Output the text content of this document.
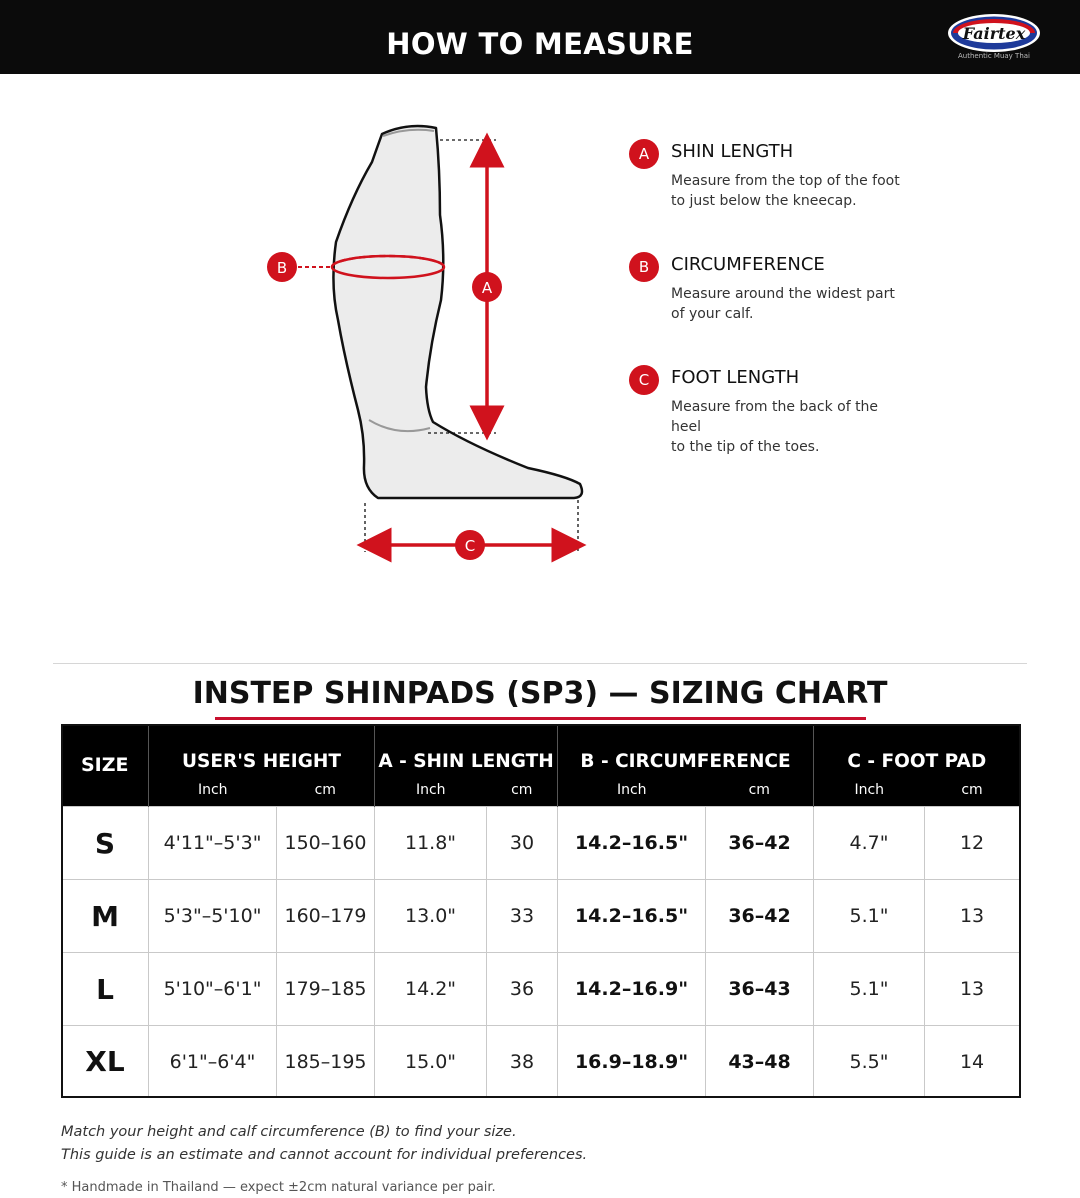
HOW TO MEASURE	Fairtex
Authentic Muay Thai
A
B
C
A	SHIN LENGTH
Measure from the top of the foot
to just below the kneecap.
B	CIRCUMFERENCE
Measure around the widest part
of your calf.
C	FOOT LENGTH
Measure from the back of the heel
to the tip of the toes.
INSTEP SHINPADS (SP3) — SIZING CHART
SIZE	USER'S HEIGHT		A - SHIN LENGTH		B - CIRCUMFERENCE		C - FOOT PAD	
	Inch	cm	Inch	cm	Inch	cm	Inch	cm
S	4'11"–5'3"	150–160	11.8"	30	14.2–16.5"	36–42	4.7"	12
M	5'3"–5'10"	160–179	13.0"	33	14.2–16.5"	36–42	5.1"	13
L	5'10"–6'1"	179–185	14.2"	36	14.2–16.9"	36–43	5.1"	13
XL	6'1"–6'4"	185–195	15.0"	38	16.9–18.9"	43–48	5.5"	14
Match your height and calf circumference (B) to find your size.
This guide is an estimate and cannot account for individual preferences.
* Handmade in Thailand — expect ±2cm natural variance per pair.
